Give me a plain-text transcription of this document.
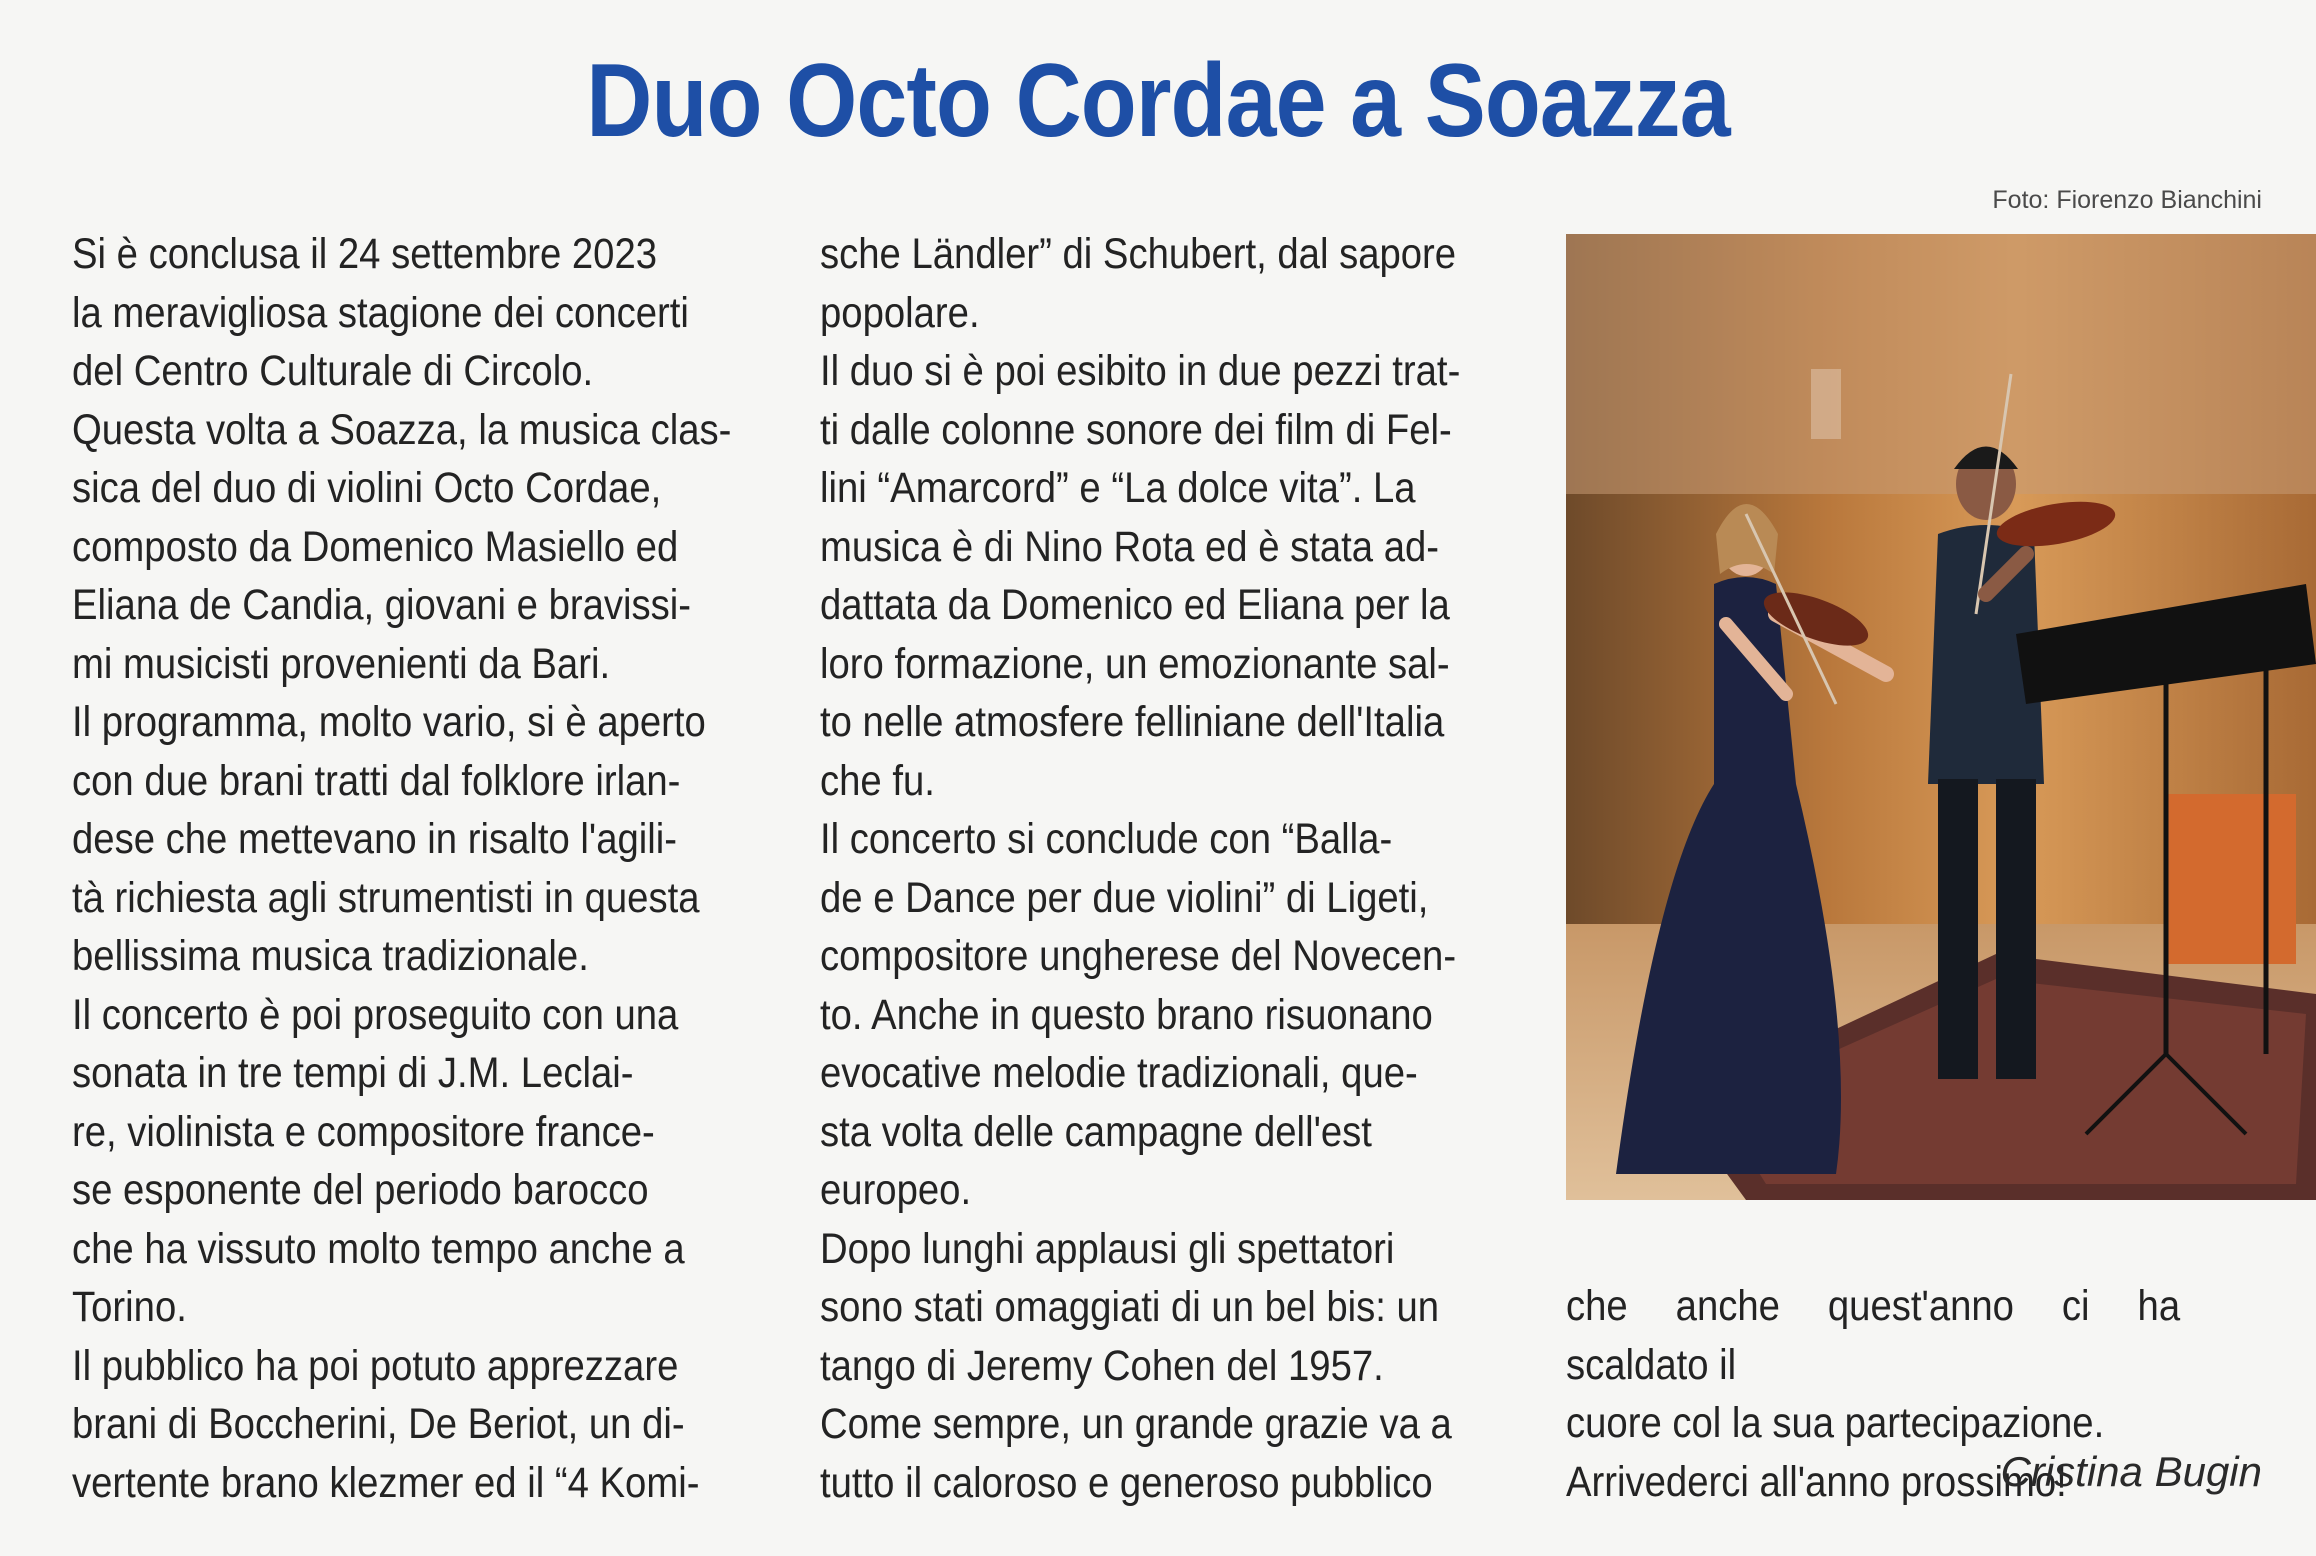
Duo Octo Cordae a Soazza
Foto: Fiorenzo Bianchini

Si è conclusa il 24 settembre 2023
la meravigliosa stagione dei concerti
del Centro Culturale di Circolo.
Questa volta a Soazza, la musica clas-
sica del duo di violini Octo Cordae,
composto da Domenico Masiello ed
Eliana de Candia, giovani e bravissi-
mi musicisti provenienti da Bari.
Il programma, molto vario, si è aperto
con due brani tratti dal folklore irlan-
dese che mettevano in risalto l'agili-
tà richiesta agli strumentisti in questa
bellissima musica tradizionale.
Il concerto è poi proseguito con una
sonata in tre tempi di J.M. Leclai-
re, violinista e compositore france-
se esponente del periodo barocco
che ha vissuto molto tempo anche a
Torino.
Il pubblico ha poi potuto apprezzare
brani di Boccherini, De Beriot, un di-
vertente brano klezmer ed il “4 Komi-

sche Ländler” di Schubert, dal sapore
popolare.
Il duo si è poi esibito in due pezzi trat-
ti dalle colonne sonore dei film di Fel-
lini “Amarcord” e “La dolce vita”. La
musica è di Nino Rota ed è stata ad-
dattata da Domenico ed Eliana per la
loro formazione, un emozionante sal-
to nelle atmosfere felliniane dell'Italia
che fu.
Il concerto si conclude con “Balla-
de e Dance per due violini” di Ligeti,
compositore ungherese del Novecen-
to. Anche in questo brano risuonano
evocative melodie tradizionali, que-
sta volta delle campagne dell'est
europeo.
Dopo lunghi applausi gli spettatori
sono stati omaggiati di un bel bis: un
tango di Jeremy Cohen del 1957.
Come sempre, un grande grazie va a
tutto il caloroso e generoso pubblico

che anche quest'anno ci ha scaldato il
cuore col la sua partecipazione.
Arrivederci all'anno prossimo!

Cristina Bugin
